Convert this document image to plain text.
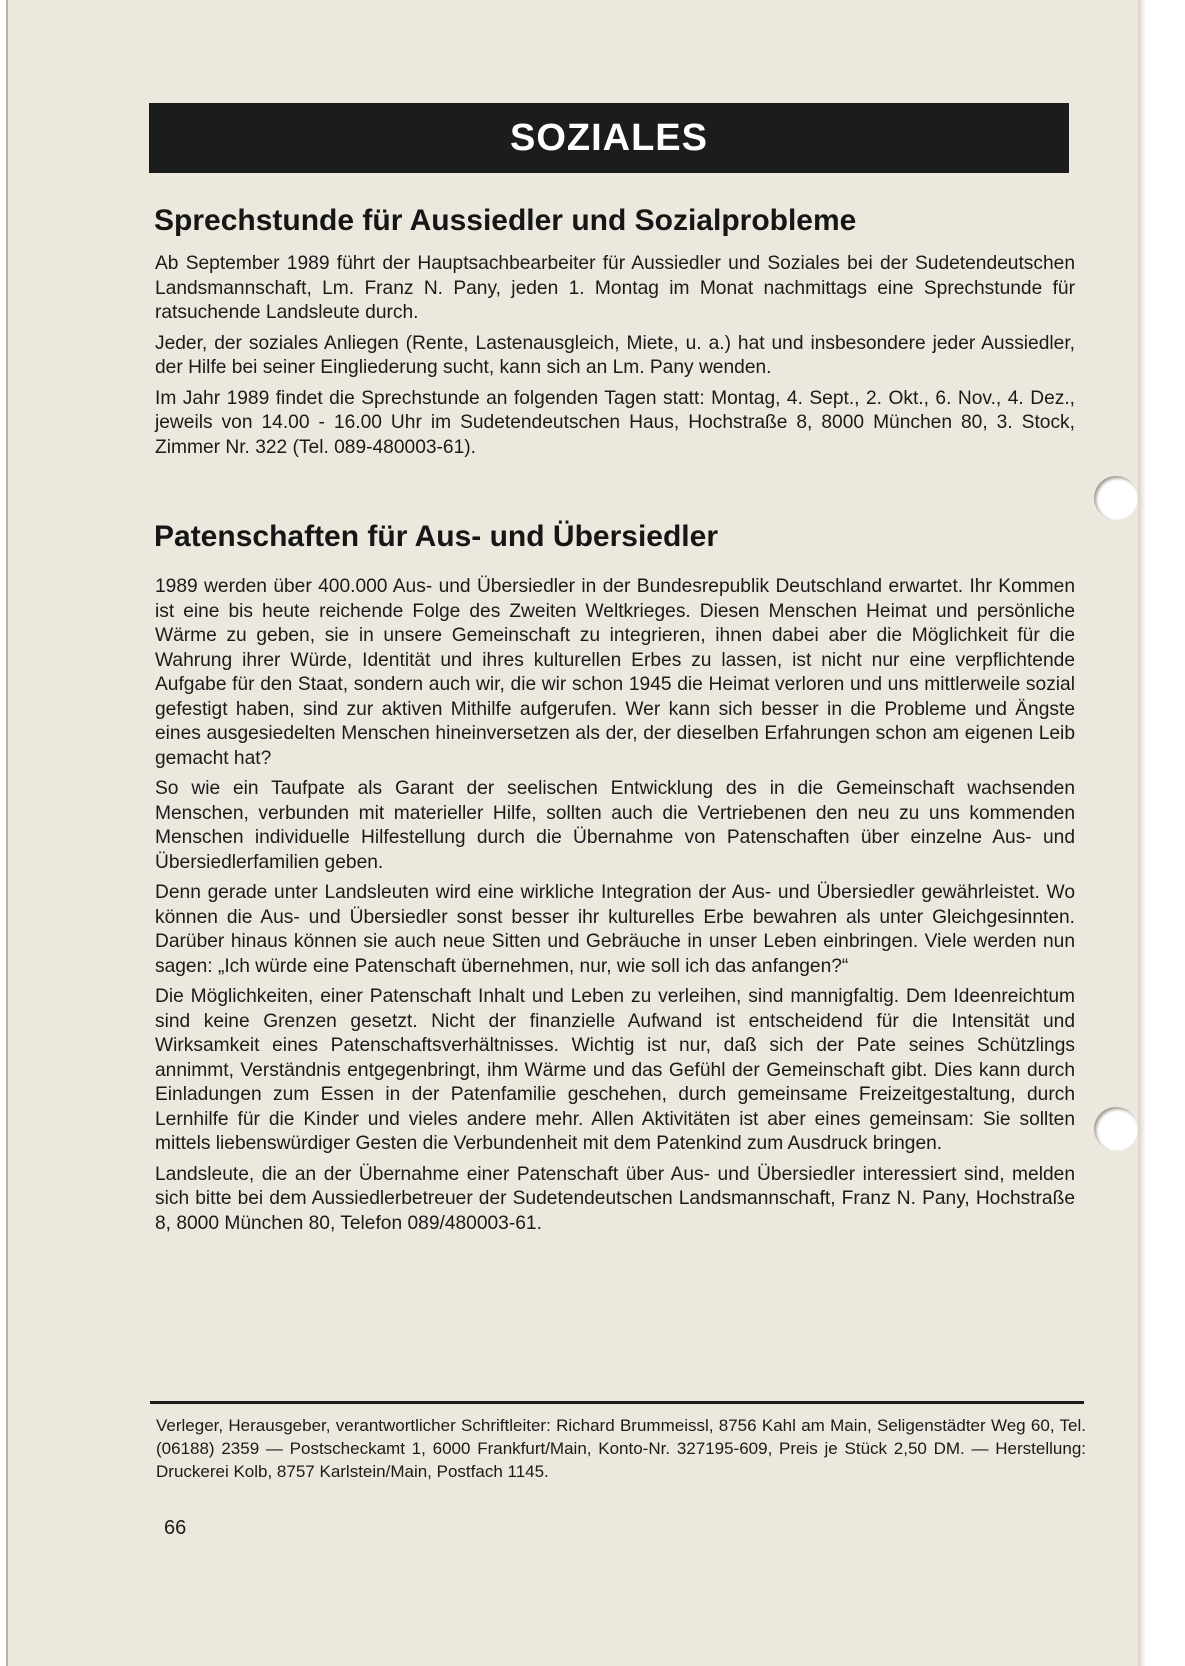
SOZIALES
Sprechstunde für Aussiedler und Sozialprobleme

Ab September 1989 führt der Hauptsachbearbeiter für Aussiedler und Soziales bei der Sudetendeutschen Landsmannschaft, Lm. Franz N. Pany, jeden 1. Montag im Monat nachmittags eine Sprechstunde für ratsuchende Landsleute durch.

Jeder, der soziales Anliegen (Rente, Lastenausgleich, Miete, u. a.) hat und insbesondere jeder Aussiedler, der Hilfe bei seiner Eingliederung sucht, kann sich an Lm. Pany wenden.

Im Jahr 1989 findet die Sprechstunde an folgenden Tagen statt: Montag, 4. Sept., 2. Okt., 6. Nov., 4. Dez., jeweils von 14.00 - 16.00 Uhr im Sudetendeutschen Haus, Hochstraße 8, 8000 München 80, 3. Stock, Zimmer Nr. 322 (Tel. 089-480003-61).

Patenschaften für Aus- und Übersiedler

1989 werden über 400.000 Aus- und Übersiedler in der Bundesrepublik Deutschland erwartet. Ihr Kommen ist eine bis heute reichende Folge des Zweiten Weltkrieges. Diesen Menschen Heimat und persönliche Wärme zu geben, sie in unsere Gemeinschaft zu integrieren, ihnen dabei aber die Möglichkeit für die Wahrung ihrer Würde, Identität und ihres kulturellen Erbes zu lassen, ist nicht nur eine verpflichtende Aufgabe für den Staat, sondern auch wir, die wir schon 1945 die Heimat verloren und uns mittlerweile sozial gefestigt haben, sind zur aktiven Mithilfe aufgerufen. Wer kann sich besser in die Probleme und Ängste eines ausgesiedelten Menschen hineinversetzen als der, der dieselben Erfahrungen schon am eigenen Leib gemacht hat?

So wie ein Taufpate als Garant der seelischen Entwicklung des in die Gemeinschaft wachsenden Menschen, verbunden mit materieller Hilfe, sollten auch die Vertriebenen den neu zu uns kommenden Menschen individuelle Hilfestellung durch die Übernahme von Patenschaften über einzelne Aus- und Übersiedlerfamilien geben.

Denn gerade unter Landsleuten wird eine wirkliche Integration der Aus- und Übersiedler gewährleistet. Wo können die Aus- und Übersiedler sonst besser ihr kulturelles Erbe bewahren als unter Gleichgesinnten. Darüber hinaus können sie auch neue Sitten und Gebräuche in unser Leben einbringen. Viele werden nun sagen: „Ich würde eine Patenschaft übernehmen, nur, wie soll ich das anfangen?“

Die Möglichkeiten, einer Patenschaft Inhalt und Leben zu verleihen, sind mannigfaltig. Dem Ideenreichtum sind keine Grenzen gesetzt. Nicht der finanzielle Aufwand ist entscheidend für die Intensität und Wirksamkeit eines Patenschaftsverhältnisses. Wichtig ist nur, daß sich der Pate seines Schützlings annimmt, Verständnis entgegenbringt, ihm Wärme und das Gefühl der Gemeinschaft gibt. Dies kann durch Einladungen zum Essen in der Patenfamilie geschehen, durch gemeinsame Freizeitgestaltung, durch Lernhilfe für die Kinder und vieles andere mehr. Allen Aktivitäten ist aber eines gemeinsam: Sie sollten mittels liebenswürdiger Gesten die Verbundenheit mit dem Patenkind zum Ausdruck bringen.

Landsleute, die an der Übernahme einer Patenschaft über Aus- und Übersiedler interessiert sind, melden sich bitte bei dem Aussiedlerbetreuer der Sudetendeutschen Landsmannschaft, Franz N. Pany, Hochstraße 8, 8000 München 80, Telefon 089/480003-61.

Verleger, Herausgeber, verantwortlicher Schriftleiter: Richard Brummeissl, 8756 Kahl am Main, Seligenstädter Weg 60, Tel. (06188) 2359 — Postscheckamt 1, 6000 Frankfurt/Main, Konto-Nr. 327195-609, Preis je Stück 2,50 DM. — Herstellung: Druckerei Kolb, 8757 Karlstein/Main, Postfach 1145.

66
